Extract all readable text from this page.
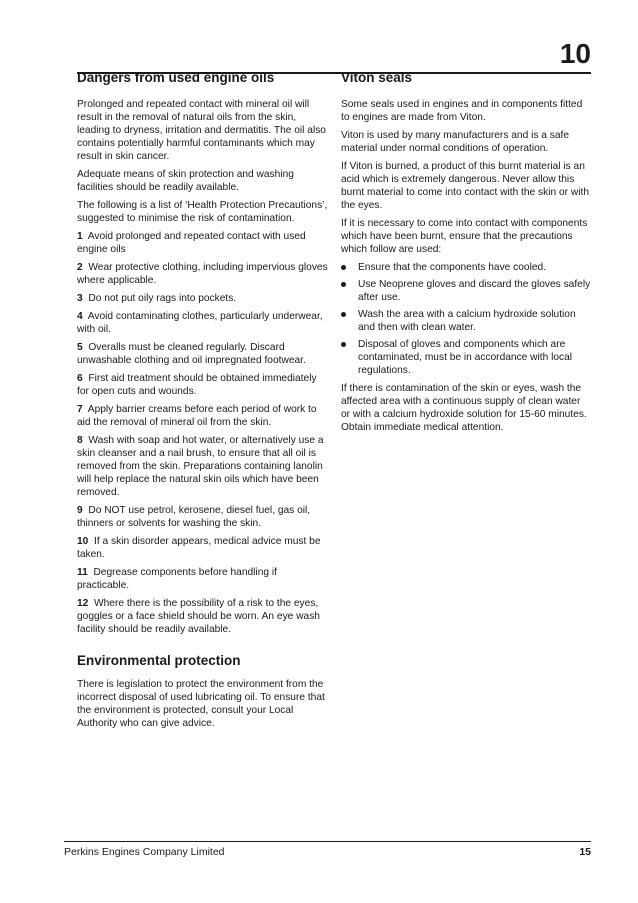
10
Dangers from used engine oils

Prolonged and repeated contact with mineral oil will result in the removal of natural oils from the skin, leading to dryness, irritation and dermatitis. The oil also contains potentially harmful contaminants which may result in skin cancer.

Adequate means of skin protection and washing facilities should be readily available.

The following is a list of ‘Health Protection Precautions’, suggested to minimise the risk of contamination.

1 Avoid prolonged and repeated contact with used engine oils

2 Wear protective clothing, including impervious gloves where applicable.

3 Do not put oily rags into pockets.

4 Avoid contaminating clothes, particularly underwear, with oil.

5 Overalls must be cleaned regularly. Discard unwashable clothing and oil impregnated footwear.

6 First aid treatment should be obtained immediately for open cuts and wounds.

7 Apply barrier creams before each period of work to aid the removal of mineral oil from the skin.

8 Wash with soap and hot water, or alternatively use a skin cleanser and a nail brush, to ensure that all oil is removed from the skin. Preparations containing lanolin will help replace the natural skin oils which have been removed.

9 Do NOT use petrol, kerosene, diesel fuel, gas oil, thinners or solvents for washing the skin.

10 If a skin disorder appears, medical advice must be taken.

11 Degrease components before handling if practicable.

12 Where there is the possibility of a risk to the eyes, goggles or a face shield should be worn. An eye wash facility should be readily available.

Environmental protection

There is legislation to protect the environment from the incorrect disposal of used lubricating oil. To ensure that the environment is protected, consult your Local Authority who can give advice.

Viton seals

Some seals used in engines and in components fitted to engines are made from Viton.

Viton is used by many manufacturers and is a safe material under normal conditions of operation.

If Viton is burned, a product of this burnt material is an acid which is extremely dangerous. Never allow this burnt material to come into contact with the skin or with the eyes.

If it is necessary to come into contact with components which have been burnt, ensure that the precautions which follow are used:

Ensure that the components have cooled.
Use Neoprene gloves and discard the gloves safely after use.
Wash the area with a calcium hydroxide solution and then with clean water.
Disposal of gloves and components which are contaminated, must be in accordance with local regulations.

If there is contamination of the skin or eyes, wash the affected area with a continuous supply of clean water or with a calcium hydroxide solution for 15-60 minutes. Obtain immediate medical attention.

Perkins Engines Company Limited	15
